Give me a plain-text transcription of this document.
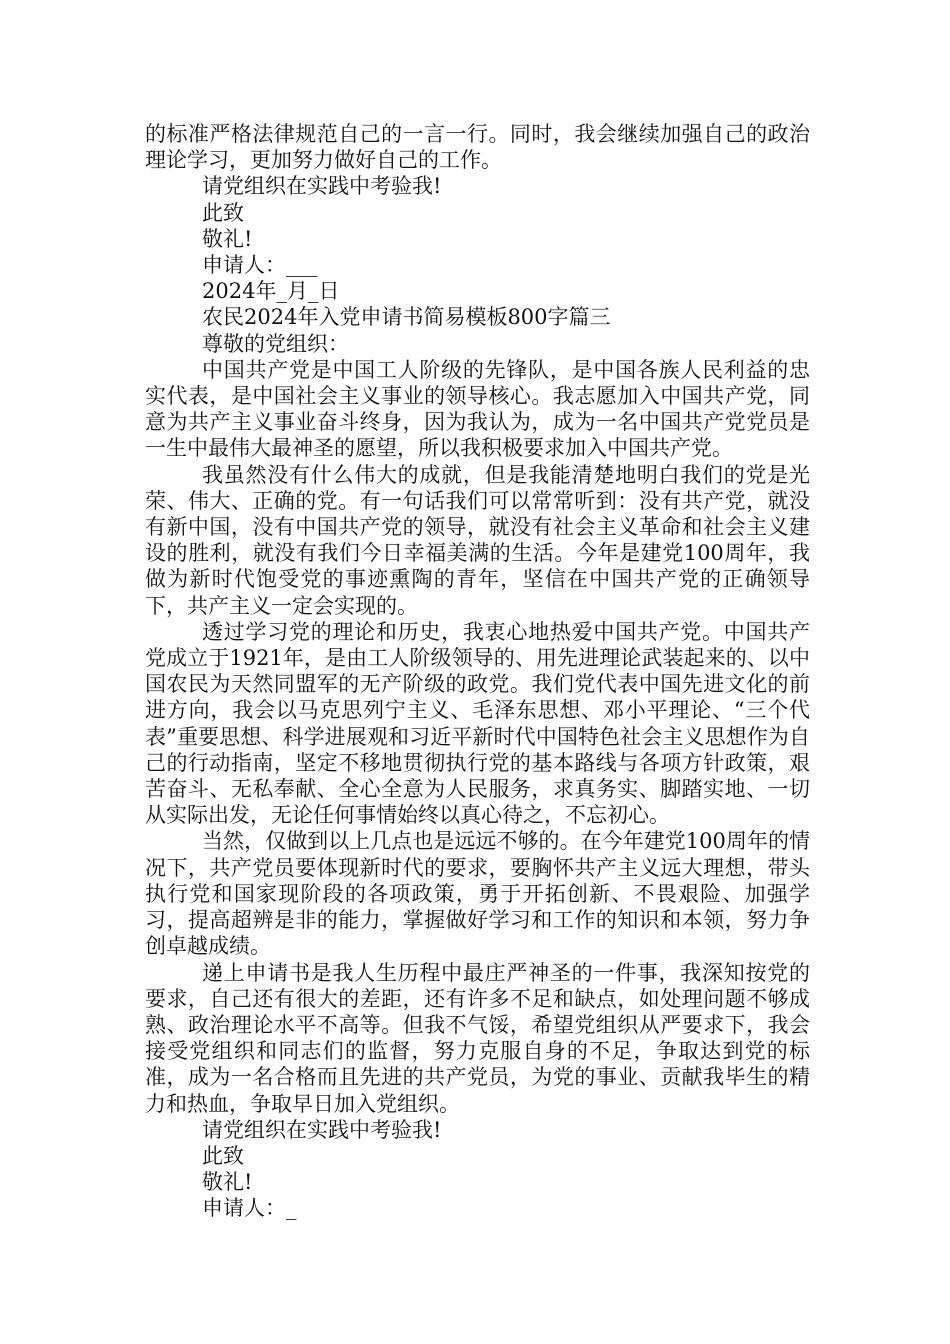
的标准严格法律规范自己的一言一行。同时，我会继续加强自己的政治理论学习，更加努力做好自己的工作。

请党组织在实践中考验我!

此致

敬礼!

申请人：___

2024年_月_日

农民2024年入党申请书简易模板800字篇三

尊敬的党组织：

中国共产党是中国工人阶级的先锋队，是中国各族人民利益的忠实代表，是中国社会主义事业的领导核心。我志愿加入中国共产党，同意为共产主义事业奋斗终身，因为我认为，成为一名中国共产党党员是一生中最伟大最神圣的愿望，所以我积极要求加入中国共产党。

我虽然没有什么伟大的成就，但是我能清楚地明白我们的党是光荣、伟大、正确的党。有一句话我们可以常常听到：没有共产党，就没有新中国，没有中国共产党的领导，就没有社会主义革命和社会主义建设的胜利，就没有我们今日幸福美满的生活。今年是建党100周年，我做为新时代饱受党的事迹熏陶的青年，坚信在中国共产党的正确领导下，共产主义一定会实现的。

透过学习党的理论和历史，我衷心地热爱中国共产党。中国共产党成立于1921年，是由工人阶级领导的、用先进理论武装起来的、以中国农民为天然同盟军的无产阶级的政党。我们党代表中国先进文化的前进方向，我会以马克思列宁主义、毛泽东思想、邓小平理论、“三个代表”重要思想、科学进展观和习近平新时代中国特色社会主义思想作为自己的行动指南，坚定不移地贯彻执行党的基本路线与各项方针政策，艰苦奋斗、无私奉献、全心全意为人民服务，求真务实、脚踏实地、一切从实际出发，无论任何事情始终以真心待之，不忘初心。

当然，仅做到以上几点也是远远不够的。在今年建党100周年的情况下，共产党员要体现新时代的要求，要胸怀共产主义远大理想，带头执行党和国家现阶段的各项政策，勇于开拓创新、不畏艰险、加强学习，提高超辨是非的能力，掌握做好学习和工作的知识和本领，努力争创卓越成绩。

递上申请书是我人生历程中最庄严神圣的一件事，我深知按党的要求，自己还有很大的差距，还有许多不足和缺点，如处理问题不够成熟、政治理论水平不高等。但我不气馁，希望党组织从严要求下，我会接受党组织和同志们的监督，努力克服自身的不足，争取达到党的标准，成为一名合格而且先进的共产党员，为党的事业、贡献我毕生的精力和热血，争取早日加入党组织。

请党组织在实践中考验我!

此致

敬礼!

申请人：_
